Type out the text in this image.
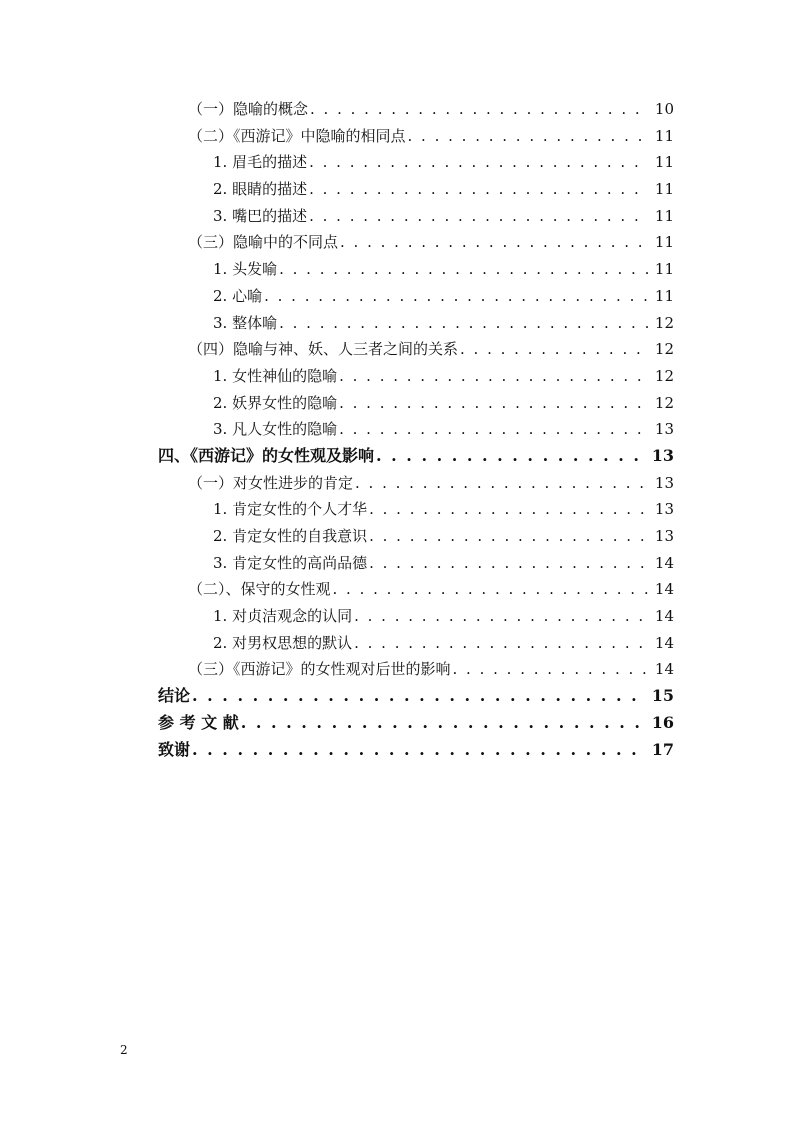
（一）隐喻的概念 . . .	10
（二）《西游记》中隐喻的相同点 . . .	11
1. 眉毛的描述 . . .	11
2. 眼睛的描述 . . .	11
3. 嘴巴的描述 . . .	11
（三）隐喻中的不同点 . . .	11
1. 头发喻 . . .	11
2. 心喻 . . .	11
3. 整体喻 . . .	12
（四）隐喻与神、妖、人三者之间的关系 . . .	12
1. 女性神仙的隐喻 . . .	12
2. 妖界女性的隐喻 . . .	12
3. 凡人女性的隐喻 . . .	13
四、《西游记》的女性观及影响 . . .	13
（一）对女性进步的肯定 . . .	13
1. 肯定女性的个人才华 . . .	13
2. 肯定女性的自我意识 . . .	13
3. 肯定女性的高尚品德 . . .	14
（二）、保守的女性观 . . .	14
1. 对贞洁观念的认同 . . .	14
2. 对男权思想的默认 . . .	14
（三）《西游记》的女性观对后世的影响 . . .	14
结论 . . .	15
参 考 文 献 . . .	16
致谢 . . .	17
2
